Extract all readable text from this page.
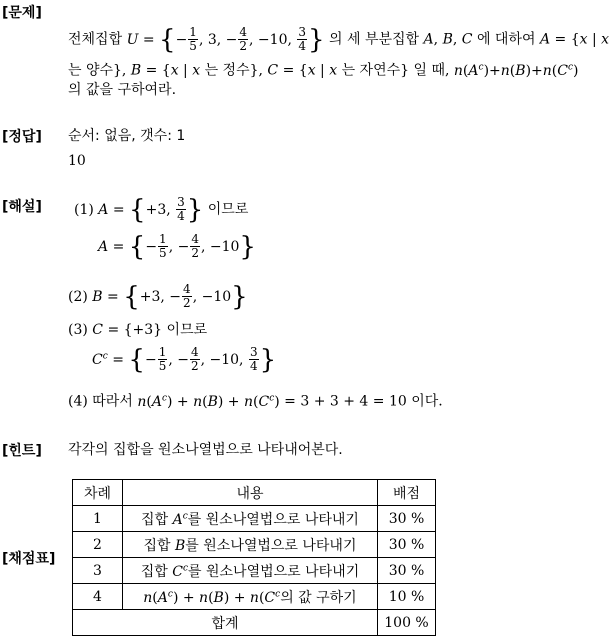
[문제]
[정답]
[해설]
[힌트]
[채점표]
전체집합 U = {− $\frac{1}{5}$ , 3, − $\frac{4}{2}$ , −10, $\frac{3}{4}$ } 의 세 부분집합 A, B, C 에 대하여 A = {x | x
는 양수}, B = {x | x 는 정수}, C = {x | x 는 자연수} 일 때, $n(A^c)+n(B)+n(C^c)$
의 값을 구하여라.
순서: 없음, 갯수: 1
10
(1) A = {+3, $\frac{3}{4}$ } 이므로
A = {− $\frac{1}{5}$ , − $\frac{4}{2}$ , −10}
(2) B = {+3, − $\frac{4}{2}$ , −10}
(3) C = {+3} 이므로
$C^c$ = {− $\frac{1}{5}$ , − $\frac{4}{2}$ , −10, $\frac{3}{4}$ }
(4) 따라서 $n(A^c) + n(B) + n(C^c) = 3 + 3 + 4 = 10$ 이다.
각각의 집합을 원소나열법으로 나타내어본다.
차례	내용	배점
1	집합 $A^c$를 원소나열법으로 나타내기	30 %
2	집합 B를 원소나열법으로 나타내기	30 %
3	집합 $C^c$를 원소나열법으로 나타내기	30 %
4	$n(A^c) + n(B) + n(C^c$의 값 구하기	10 %
합계		100 %
